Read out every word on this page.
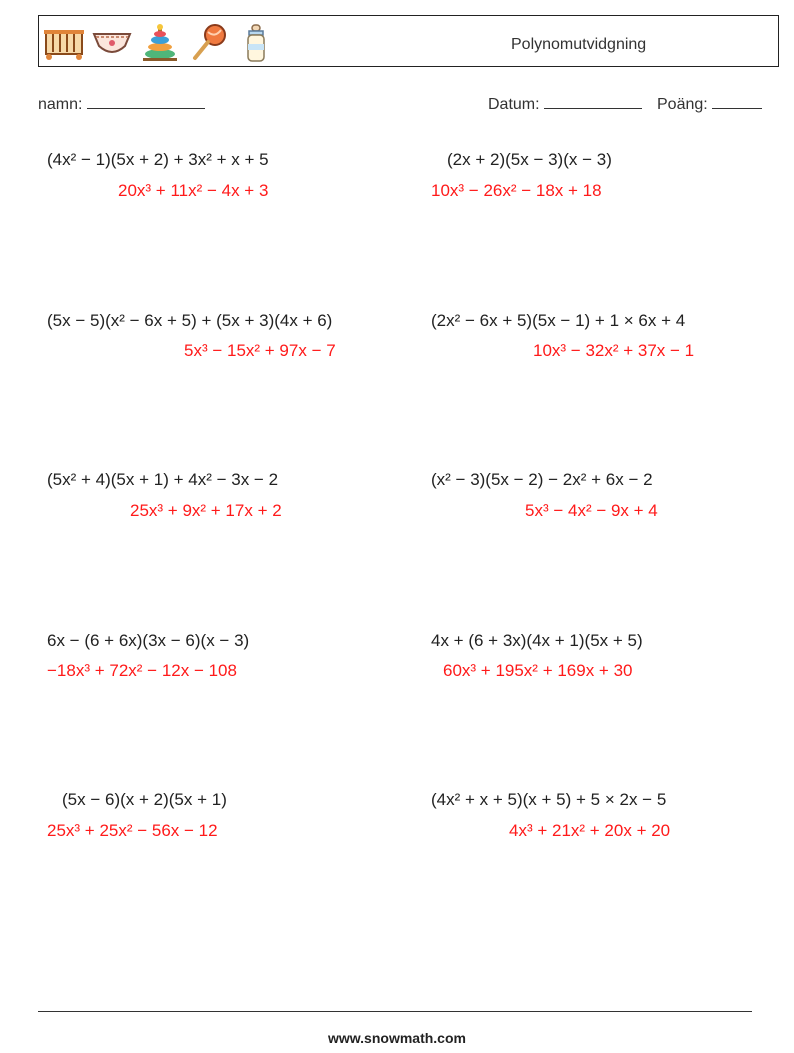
Polynomutvidgning
namn:	Datum:	Poäng:
(4x² − 1)(5x + 2) + 3x² + x + 5
20x³ + 11x² − 4x + 3
(2x + 2)(5x − 3)(x − 3)
10x³ − 26x² − 18x + 18
(5x − 5)(x² − 6x + 5) + (5x + 3)(4x + 6)
5x³ − 15x² + 97x − 7
(2x² − 6x + 5)(5x − 1) + 1 × 6x + 4
10x³ − 32x² + 37x − 1
(5x² + 4)(5x + 1) + 4x² − 3x − 2
25x³ + 9x² + 17x + 2
(x² − 3)(5x − 2) − 2x² + 6x − 2
5x³ − 4x² − 9x + 4
6x − (6 + 6x)(3x − 6)(x − 3)
−18x³ + 72x² − 12x − 108
4x + (6 + 3x)(4x + 1)(5x + 5)
60x³ + 195x² + 169x + 30
(5x − 6)(x + 2)(5x + 1)
25x³ + 25x² − 56x − 12
(4x² + x + 5)(x + 5) + 5 × 2x − 5
4x³ + 21x² + 20x + 20
www.snowmath.com
